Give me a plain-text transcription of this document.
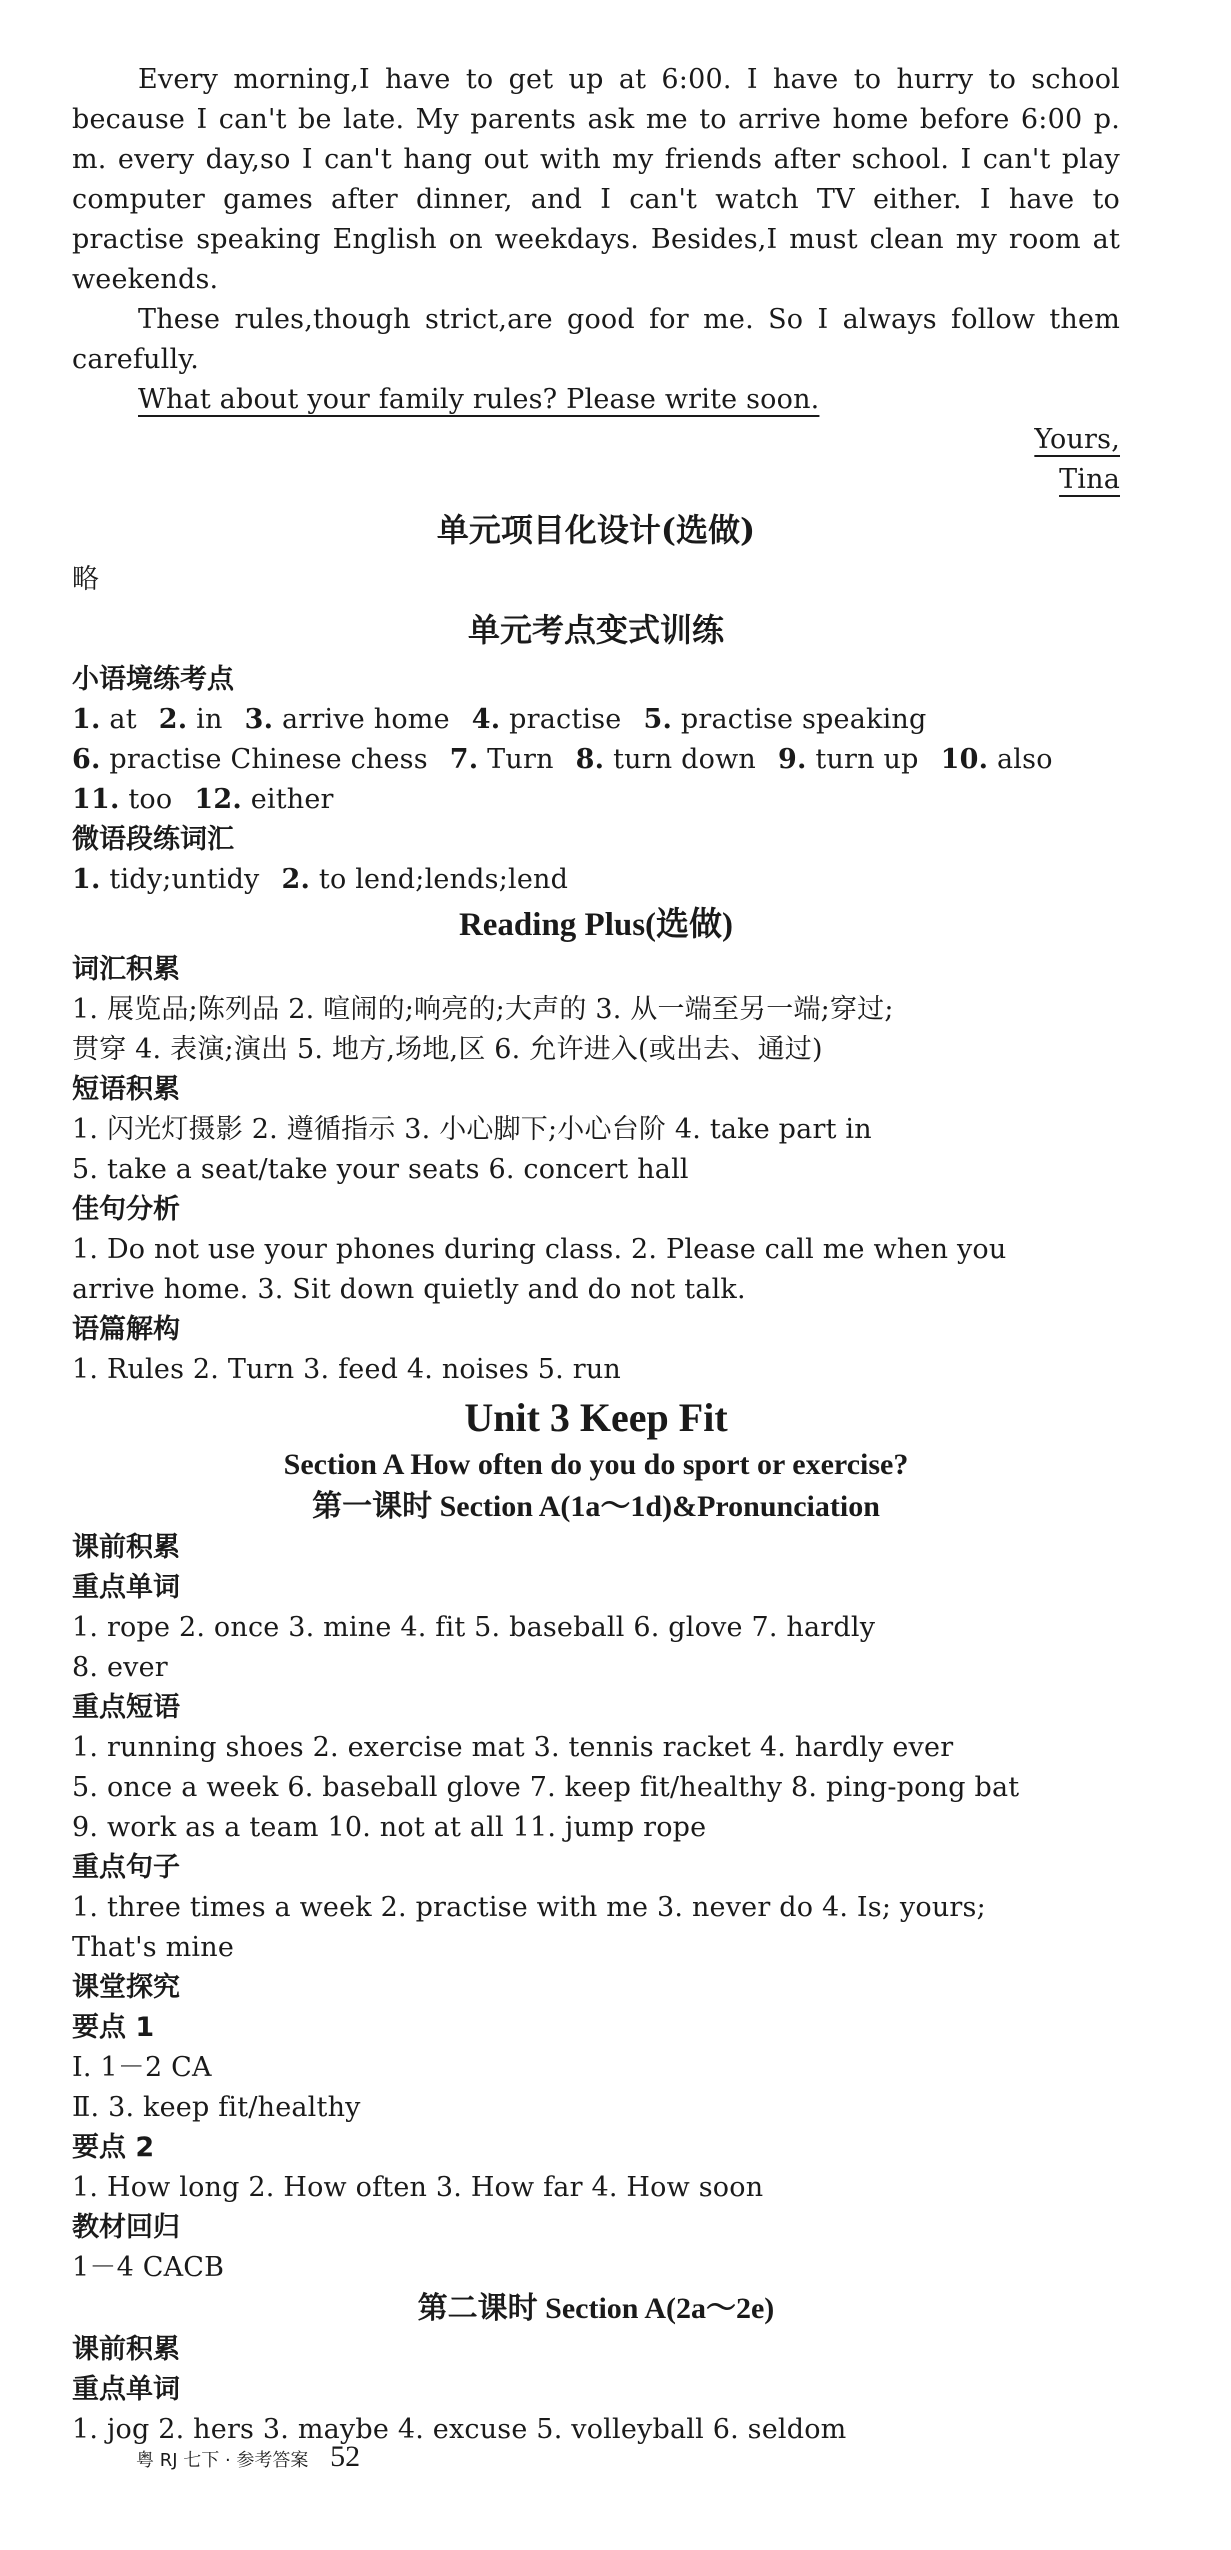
Every morning,I have to get up at 6:00. I have to hurry to school
because I can't be late. My parents ask me to arrive home before 6:00 p.
m. every day,so I can't hang out with my friends after school. I can't play
computer games after dinner, and I can't watch TV either. I have to
practise speaking English on weekdays. Besides,I must clean my room at
weekends.
These rules,though strict,are good for me. So I always follow them
carefully.
What about your family rules? Please write soon.
Yours,
Tina
单元项目化设计(选做)
略
单元考点变式训练
小语境练考点
1. at 2. in 3. arrive home 4. practise 5. practise speaking
6. practise Chinese chess 7. Turn 8. turn down 9. turn up 10. also
11. too 12. either
微语段练词汇
1. tidy;untidy 2. to lend;lends;lend
Reading Plus(选做)
词汇积累
1. 展览品;陈列品 2. 喧闹的;响亮的;大声的 3. 从一端至另一端;穿过;
贯穿 4. 表演;演出 5. 地方,场地,区 6. 允许进入(或出去、通过)
短语积累
1. 闪光灯摄影 2. 遵循指示 3. 小心脚下;小心台阶 4. take part in
5. take a seat/take your seats 6. concert hall
佳句分析
1. Do not use your phones during class. 2. Please call me when you
arrive home. 3. Sit down quietly and do not talk.
语篇解构
1. Rules 2. Turn 3. feed 4. noises 5. run
Unit 3 Keep Fit
Section A How often do you do sport or exercise?
第一课时 Section A(1a～1d)&Pronunciation
课前积累
重点单词
1. rope 2. once 3. mine 4. fit 5. baseball 6. glove 7. hardly
8. ever
重点短语
1. running shoes 2. exercise mat 3. tennis racket 4. hardly ever
5. once a week 6. baseball glove 7. keep fit/healthy 8. ping-pong bat
9. work as a team 10. not at all 11. jump rope
重点句子
1. three times a week 2. practise with me 3. never do 4. Is; yours;
That's mine
课堂探究
要点 1
Ⅰ. 1－2 CA
Ⅱ. 3. keep fit/healthy
要点 2
1. How long 2. How often 3. How far 4. How soon
教材回归
1－4 CACB
第二课时 Section A(2a～2e)
课前积累
重点单词
1. jog 2. hers 3. maybe 4. excuse 5. volleyball 6. seldom
粤 RJ 七下 · 参考答案 52
